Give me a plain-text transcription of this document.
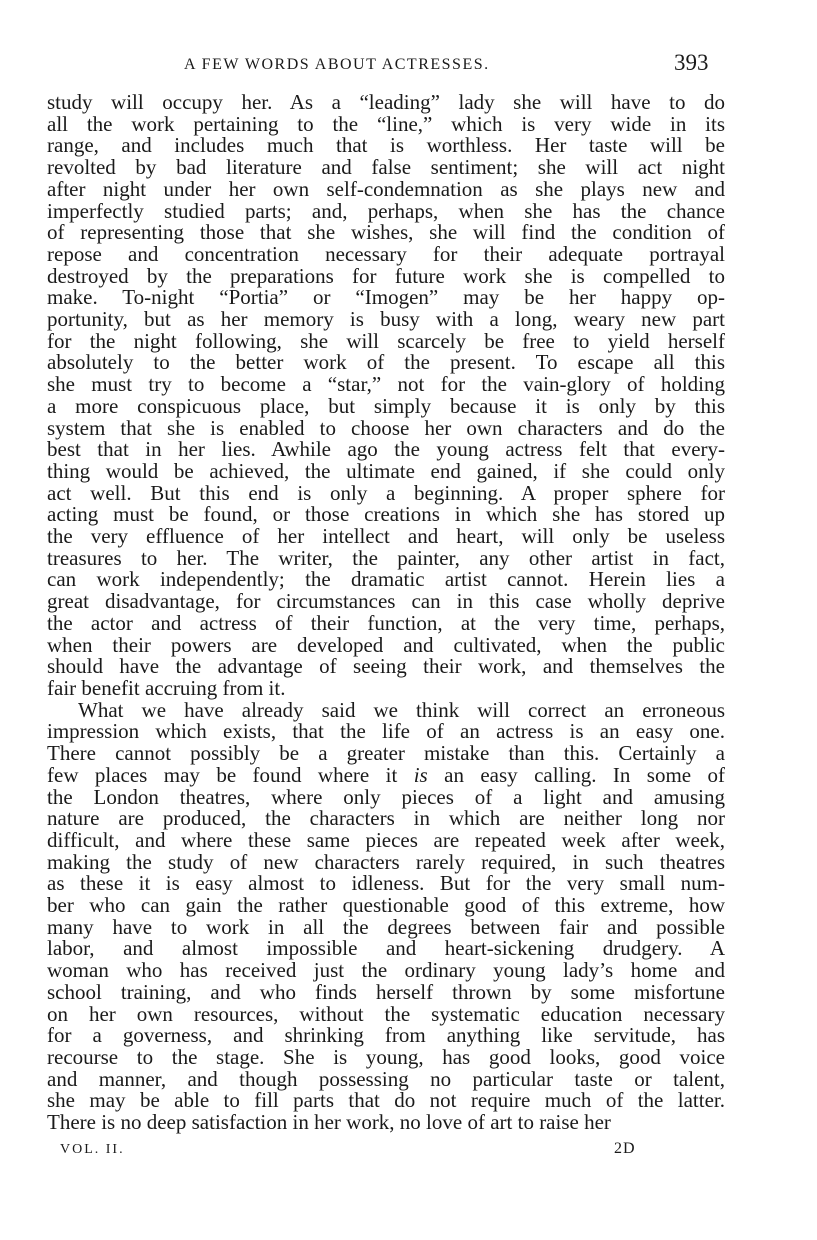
A FEW WORDS ABOUT ACTRESSES.	393
study will occupy her. As a “leading” lady she will have to do
all the work pertaining to the “line,” which is very wide in its
range, and includes much that is worthless. Her taste will be
revolted by bad literature and false sentiment; she will act night
after night under her own self-condemnation as she plays new and
imperfectly studied parts; and, perhaps, when she has the chance
of representing those that she wishes, she will find the condition of
repose and concentration necessary for their adequate portrayal
destroyed by the preparations for future work she is compelled to
make. To-night “Portia” or “Imogen” may be her happy op-
portunity, but as her memory is busy with a long, weary new part
for the night following, she will scarcely be free to yield herself
absolutely to the better work of the present. To escape all this
she must try to become a “star,” not for the vain-glory of holding
a more conspicuous place, but simply because it is only by this
system that she is enabled to choose her own characters and do the
best that in her lies. Awhile ago the young actress felt that every-
thing would be achieved, the ultimate end gained, if she could only
act well. But this end is only a beginning. A proper sphere for
acting must be found, or those creations in which she has stored up
the very effluence of her intellect and heart, will only be useless
treasures to her. The writer, the painter, any other artist in fact,
can work independently; the dramatic artist cannot. Herein lies a
great disadvantage, for circumstances can in this case wholly deprive
the actor and actress of their function, at the very time, perhaps,
when their powers are developed and cultivated, when the public
should have the advantage of seeing their work, and themselves the
fair benefit accruing from it.
What we have already said we think will correct an erroneous
impression which exists, that the life of an actress is an easy one.
There cannot possibly be a greater mistake than this. Certainly a
few places may be found where it is an easy calling. In some of
the London theatres, where only pieces of a light and amusing
nature are produced, the characters in which are neither long nor
difficult, and where these same pieces are repeated week after week,
making the study of new characters rarely required, in such theatres
as these it is easy almost to idleness. But for the very small num-
ber who can gain the rather questionable good of this extreme, how
many have to work in all the degrees between fair and possible
labor, and almost impossible and heart-sickening drudgery. A
woman who has received just the ordinary young lady’s home and
school training, and who finds herself thrown by some misfortune
on her own resources, without the systematic education necessary
for a governess, and shrinking from anything like servitude, has
recourse to the stage. She is young, has good looks, good voice
and manner, and though possessing no particular taste or talent,
she may be able to fill parts that do not require much of the latter.
There is no deep satisfaction in her work, no love of art to raise her
VOL. II.	2D
